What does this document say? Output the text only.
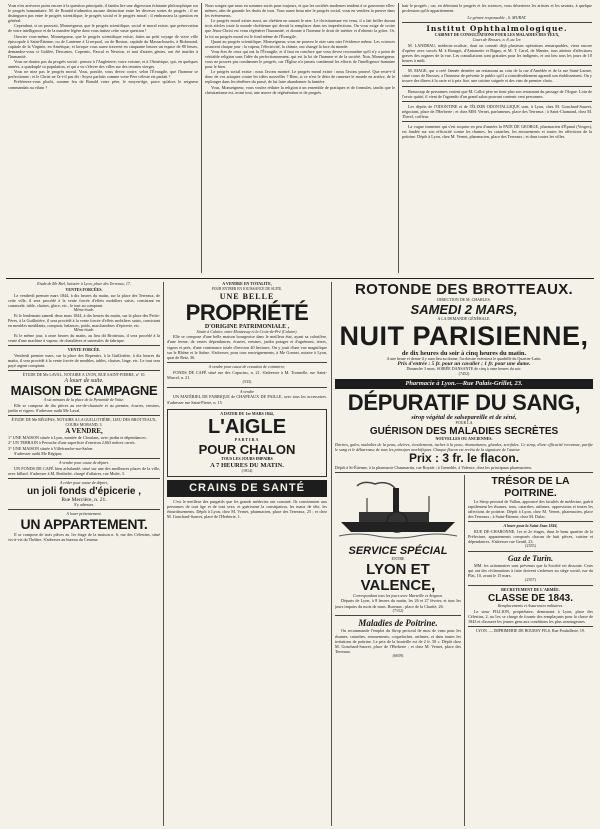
Vous n'en arriverez point encore à la question principale, il fandra lire une digression éclatante philosophique sur le progrès humanitaire. M. de Bonald n'admettra aucune distinction entre les diverses sortes de progrès ; il ne distinguera pas entre le progrès scientifique, le progrès social et le progrès moral ; il embrassera la question en général.

Cependant, si on prouvait, Monseigneur, que le progrès scientifique, social et moral existe, que préservation de votre intelligence et de la manière légère dont vous traitez cette vaste question !

Ouvrier vous-même, Monseigneur, que le progrès scientifique existe, faites un petit voyage de votre ville épiscopale à Saint-Étienne, ou de Lanterne à Liverpool, ou de Boston, capitale du Massachusetts, à Richmond, capitale de la Virginie, en Amérique, et lorsque vous aurez traversé en cinquante heures un espace de 80 lieues, demandez-vous si Galilée, Descartes, Copernic, Pascal et Newton, et tant d'autres génies, ont été inutiles à l'humanité.

Vous ne doutez pas du progrès social : pensez à l'Angleterre, votre voisine, et à l'Amérique, qui, en quelques années, a quadruplé sa population, et qui a vu s'élever des villes sur des terrains vierges.

Vous ne niez pas le progrès moral. Vous, pontife, vous devez croire, selon l'Évangile, que l'homme se perfectionne ; et le Christ ne l'a-t-il pas dit : Soyez parfaits comme votre Père céleste est parfait ?

Préférerez-vous plutôt, comme feu de Bonald votre père, le moyen-âge, parce qu'alors le seigneur commandait au vilain ?

Nous songez que nous en sommes sortis pour toujours, et que les sociétés modernes tendent à se gouverner elles-mêmes, afin de garantir les droits de tous. Vous aurez beau nier le progrès social, vous en vendrez la preuve dans les événements.

Le progrès moral existe aussi, un chrétien ne saurait le nier. Le christianisme est venu, il a fait briller durant trois siècles toute la morale chrétienne qui devait la remplacer dans ses imperfections. On vous exige de croire que Jésus-Christ est venu régénérer l'humanité, et donner à l'homme le droit de mériter et d'obtenir la grâce. Or, la foi au progrès moral est le fond même de l'Évangile.

Quant au progrès scientifique, Monseigneur, vous ne pouvez le nier sans nier l'évidence même. Les sciences avancent chaque jour ; la vapeur, l'électricité, la chimie, ont changé la face du monde.

Vous êtes de ceux qui ont lu l'Évangile, et il faut en conclure que vous devez reconnaître qu'il n'y a point de véritable religion sans l'idée du perfectionnement, qui est la loi de l'homme et de la société. Non, Monseigneur, vous ne pouvez pas condamner le progrès, car l'Église n'a jamais condamné les efforts de l'intelligence humaine pour le bien.

Le progrès social existe : nous l'avons montré. Le progrès moral existe : nous l'avons prouvé. Que reste-t-il donc de vos attaques contre les idées nouvelles ? Rien, si ce n'est le désir de ramener le monde en arrière, de le replonger dans les ténèbres du passé, de lui faire abandonner la lumière.

Vous, Monseigneur, vous voulez réduire la religion à un ensemble de pratiques et de formules, tandis que le christianisme est, avant tout, une œuvre de régénération et de progrès.

hair le progrès ; car, en détestant le progrès et les sciences, vous déserterez les artistes et les savants, à quelque profession qu'ils appartiennent.

Le gérant responsable , S. MURAT.

Institut Ophthalmologique.

CABINET DE CONSULTATIONS POUR LES MALADIES DES YEUX,

Cours de Brosses, n. 8, au 1er.

M. LANDRAU, médecin-oculiste, dont on connaît déjà plusieurs opérations remarquables, vient encore d'opérer avec succès M. à Bourget, d'Antoinette et Bagny, et M. T. Carol, de Mantes, tous atteints d'affections graves des organes de la vue. Les consultations sont gratuites pour les indigents, et ont lieu tous les jours de 10 heures à midi.

M. MAGE, qui a créé l'année dernière un restaurant au coin de la rue d'Amédée et de la rue Saint-Lazare, situé cours de Brosses, a l'honneur de prévenir le public qu'il a considérablement agrandi son établissement. On y trouve des dîners à la carte et à prix fixe, une cuisine soignée et des vins de premier choix.

Beaucoup de personnes croient que M. Callot père ne tient plus son restaurant du passage de l'Argue. Loin de l'avoir quitté, il vient de l'agrandir d'un grand salon pouvant contenir cent personnes.

Les dépôts de l'ODONTINE et de l'ÉLIXIR ODONTALGIQUE sont, à Lyon, chez M. Gonchard-Sauvet, négociant, place de l'Herberie ; et chez MM. Vernet, parfumeurs, place des Terreaux ; à Saint-Chamond, chez M. Thivel, coiffeur.

La vogue immense qui s'est acquise en peu d'années la PATE DE GEORGE, pharmacien d'Épinal (Vosges), est fondée sur son efficacité contre les rhumes, les catarrhes, les enrouements et toutes les affections de la poitrine. Dépôt à Lyon, chez M. Vernet, pharmacien, place des Terreaux ; et dans toutes les villes.

Étude de Me Brel, huissier à Lyon, place des Terreaux, 17.

VENTES FORCÉES.

Le vendredi premier mars 1844, à dix heures du matin, sur la place des Terreaux, de cette ville, il sera procédé à la vente forcée d'effets mobiliers saisis, consistant en commode, table, chaises, glace, etc., le tout au comptant.

Même étude.

Et le lendemain samedi deux mars 1844, à dix heures du matin, sur la place des Petits-Pères, à la Guillotière, il sera procédé à la vente forcée d'effets mobiliers saisis, consistant en meubles meublants, comptoir, balances, poids, marchandises d'épicerie, etc.

Même étude.

Et le même jour, à onze heures du matin, au lieu dit Brotteaux, il sera procédé à la vente d'une machine à vapeur, de chaudières et ustensiles de fabrique.

VENTE FORCÉE.

Vendredi premier mars, sur la place des Repentirs, à la Guillotière, à dix heures du matin, il sera procédé à la vente forcée de meubles, tables, chaises, linge, etc. Le tout sera payé argent comptant.

ÉTUDE DE Me LAVAL, NOTAIRE A LYON, RUE SAINT-PIERRE, n° 10.

A louer de suite.

MAISON DE CAMPAGNE

A six minutes de la place de la Pyramide de Vaise.

Elle se compose de dix pièces au rez-de-chaussée et au premier, écuries, remises, jardin et vignes. S'adresser audit Me Laval.

ÉTUDE DE Me RÉGIPAS, NOTAIRE A LA GUILLOTIÈRE, LIEU DES BROTTEAUX, COURS MORAND, 3.

A VENDRE,

1° UNE MAISON située à Lyon, montée de Choulans, avec jardin et dépendances.

2° UN TERRAIN à Perrache d'une superficie d'environ 2,663 mètres carrés.

3° UNE MAISON située à Villefranche-sur-Saône.

S'adresser audit Me Régipas.

A vendre pour cause de départ.

UN FONDS DE CAFÉ bien achalandé, situé sur une des meilleures places de la ville, avec billard. S'adresser à M. Berthelet, chargé d'affaires, rue Mulet, 3.

A céder pour cause de départ,

un joli fonds d'épicerie ,

Rue Mercière, n. 21.

S'y adresser.

A louer présentement.

UN APPARTEMENT.

Il se compose de trois pièces au 1er étage de la maison n. 6, rue des Célestins, situé vis-à-vis du Théâtre. S'adresser au bureau du Censeur.

A VENDRE EN TOTALITÉ,

POUR ENTRER EN JOUISSANCE DE SUITE,

UNE BELLE

PROPRIÉTÉ

D'ORIGINE PATRIMONIALE ,

Située à Caluire, entre Montessuy et la Croix-de-Pré (Caluire).

Elle se compose d'une belle maison bourgeoise dans le meilleur état, ayant sa calorifère, d'une ferme, de vastes dépendances, écuries, remises, jardin potager et d'agrément, terres, vignes et prés, d'une contenance totale d'environ 40 hectares. On y jouit d'une vue magnifique sur le Rhône et la Saône. S'adresser, pour tous renseignements, à Me Gonnet, notaire à Lyon, quai de Retz, 36.

A vendre pour cause de cessation de commerce,

FONDS DE CAFÉ situé rue des Capucins, n. 21. S'adresser à M. Tronnelle, rue Saint-Marcel, n. 21.

(533)

A vendre

UN MATÉRIEL DE FABRIQUE de CHAPEAUX DE PAILLE, avec tous les accessoires. S'adresser rue Saint-Pierre, n. 15.

A DATER DU 1er MARS 1844,

L'AIGLE

PARTIRA

POUR CHALON

TOUS LES JOURS IMPAIRS

A 7 HEURES DU MATIN.

(1814)

CRAINS DE SANTÉ

C'est le meilleur des purgatifs que les grands médecins ont constaté. Ils conviennent aux personnes de tout âge et de tout sexe, et guérissent la constipation, les maux de tête, les étourdissements. Dépôt à Lyon, chez M. Vernet, pharmacien, place des Terreaux, 25 ; et chez M. Gonchard-Sauvet, place de l'Herberie, 1.

ROTONDE DES BROTTEAUX.

DIRECTION DE M. CHARLES.

SAMEDI 2 MARS,

A LA DEMANDE GÉNÉRALE.

NUIT PARISIENNE,

de dix heures du soir à cinq heures du matin.

A une heure et demie il y aura lieu au drame, l'orchestre exécutera le quadrille du Quartier-Latin.

Prix d'entrée : 5 fr. pour un cavalier ; 1 fr. pour une dame.

Dimanche 3 mars, SOIRÉE DANSANTE de cinq à onze heures du soir.

(7452)

Pharmacie à Lyon.—Rue Palais-Grillet, 23.

DÉPURATIF DU SANG,

sirop végétal de salsepareille et de séné,

POUR LA

GUÉRISON DES MALADIES SECRÈTES

NOUVELLES OU ANCIENNES.

Dartres, gales, maladies de la peau, ulcères, écoulements, taches à la peau, rhumatismes, glandes, scrofules. Ce sirop, d'une efficacité reconnue, purifie le sang et le débarrasse de tous les principes morbifiques. Chaque flacon est revêtu de la signature de l'auteur.

Prix : 3 fr. le flacon.

Dépôt à St-Étienne, à la pharmacie Chaumartin, rue Royale ; à Grenoble, à Valence, chez les principaux pharmaciens.

SERVICE SPÉCIAL

ENTRE

LYON ET VALENCE,

Correspondant tous les jours avec Marseille et Avignon.

Départs de Lyon, à 8 heures du matin, les 26 et 27 février, et tous les jours impairs du mois de mars. Bureaux : place de la Charité, 26.

(7152)

Maladies de Poitrine.

On recommande l'emploi du Sirop pectoral de mou de veau pour les rhumes, catarrhes, enrouements, coqueluches, asthmes, et dans toutes les irritations de poitrine. Le prix de la bouteille est de 2 fr. 50 c. Dépôt chez M. Gonchard-Sauvet, place de l'Herberie ; et chez M. Vernet, place des Terreaux.

(6659)

TRÉSOR DE LA POITRINE.

Le Sirop pectoral de Vallon, approuvé des facultés de médecine, guérit rapidement les rhumes, toux, catarrhes, asthmes, oppressions et toutes les affections de poitrine. Dépôt à Lyon, chez M. Vernet, pharmacien, place des Terreaux ; à Saint-Étienne, chez M. Dulac.

A louer pour la Saint-Jean 1844,

RUE DE-CHARONNE, 1er et 2e étages, dans le beau quartier de la Préfecture, appartements composés chacun de huit pièces, cuisine et dépendances. S'adresser rue Gentil, 23.

(2355)

Gaz de Turin.

MM. les actionnaires sont prévenus que la Société est dissoute. Ceux qui ont des réclamations à faire doivent s'adresser au siège social, rue du Plat, 10, avant le 15 mars.

(2357)

RECRUTEMENT DE L'ARMÉE.

CLASSE DE 1843.

Remplacements et Assurances militaires.

Le sieur FILLION, propriétaire, demeurant à Lyon, place des Célestins, 2, au 1er, se charge de fournir des remplaçants pour la classe de 1843 et d'assurer les jeunes gens aux conditions les plus avantageuses.

LYON. — IMPRIMERIE DE BOURSY FILS, Rue Poulaillerie, 19.
